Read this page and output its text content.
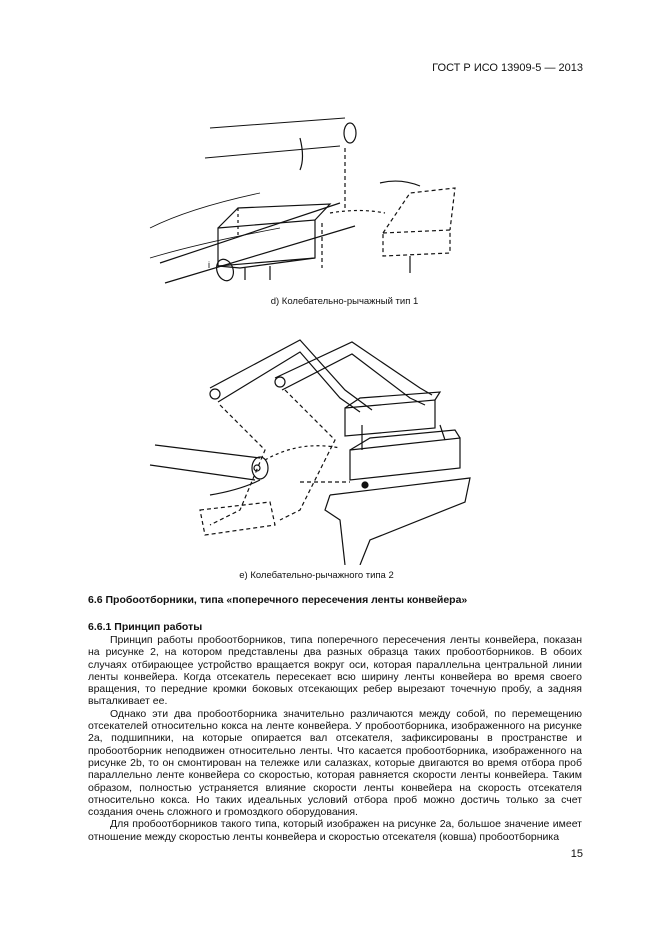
ГОСТ Р ИСО 13909-5 — 2013
i
d) Колебательно-рычажный тип 1
e) Колебательно-рычажного типа 2
6.6 Пробоотборники, типа «поперечного пересечения ленты конвейера»
6.6.1 Принцип работы

Принцип работы пробоотборников, типа поперечного пересечения ленты конвейера, показан на рисунке 2, на котором представлены два разных образца таких пробоотборников. В обоих случаях отбирающее устройство вращается вокруг оси, которая параллельна центральной линии ленты конвейера. Когда отсекатель пересекает всю ширину ленты конвейера во время своего вращения, то передние кромки боковых отсекающих ребер вырезают точечную пробу, а задняя выталкивает ее.

Однако эти два пробоотборника значительно различаются между собой, по перемещению отсекателей относительно кокса на ленте конвейера. У пробоотборника, изображенного на рисунке 2а, подшипники, на которые опирается вал отсекателя, зафиксированы в пространстве и пробоотборник неподвижен относительно ленты. Что касается пробоотборника, изображенного на рисунке 2b, то он смонтирован на тележке или салазках, которые двигаются во время отбора проб параллельно ленте конвейера со скоростью, которая равняется скорости ленты конвейера. Таким образом, полностью устраняется влияние скорости ленты конвейера на скорость отсекателя относительно кокса. Но таких идеальных условий отбора проб можно достичь только за счет создания очень сложного и громоздкого оборудования.

Для пробоотборников такого типа, который изображен на рисунке 2а, большое значение имеет отношение между скоростью ленты конвейера и скоростью отсекателя (ковша) пробоотборника

15
